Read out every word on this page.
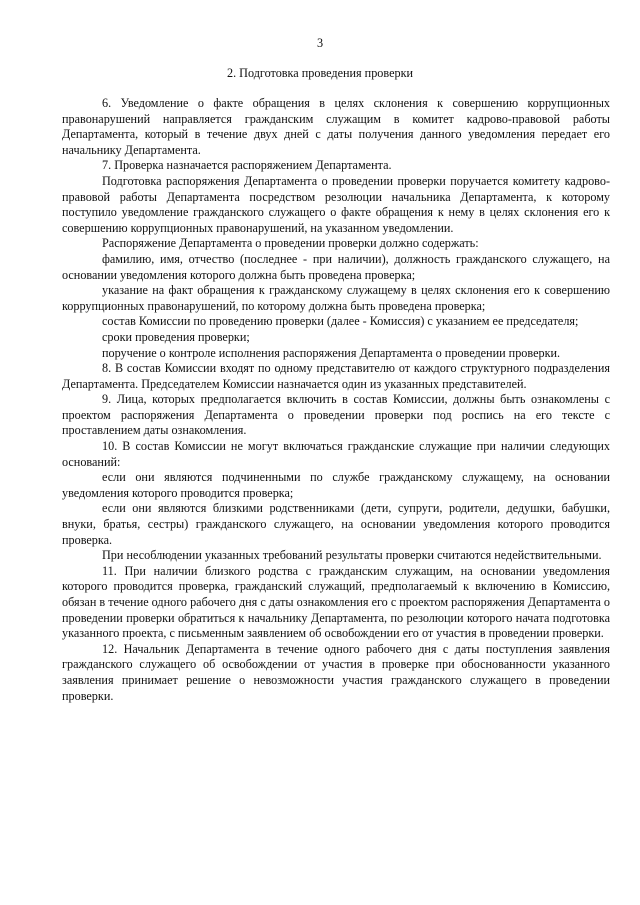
3
2. Подготовка проведения проверки

6. Уведомление о факте обращения в целях склонения к совершению коррупционных правонарушений направляется гражданским служащим в комитет кадрово-правовой работы Департамента, который в течение двух дней с даты получения данного уведомления передает его начальнику Департамента.

7. Проверка назначается распоряжением Департамента.

Подготовка распоряжения Департамента о проведении проверки поручается комитету кадрово-правовой работы Департамента посредством резолюции начальника Департамента, к которому поступило уведомление гражданского служащего о факте обращения к нему в целях склонения его к совершению коррупционных правонарушений, на указанном уведомлении.

Распоряжение Департамента о проведении проверки должно содержать:

фамилию, имя, отчество (последнее - при наличии), должность гражданского служащего, на основании уведомления которого должна быть проведена проверка;

указание на факт обращения к гражданскому служащему в целях склонения его к совершению коррупционных правонарушений, по которому должна быть проведена проверка;

состав Комиссии по проведению проверки (далее - Комиссия) с указанием ее председателя;

сроки проведения проверки;

поручение о контроле исполнения распоряжения Департамента о проведении проверки.

8. В состав Комиссии входят по одному представителю от каждого структурного подразделения Департамента. Председателем Комиссии назначается один из указанных представителей.

9. Лица, которых предполагается включить в состав Комиссии, должны быть ознакомлены с проектом распоряжения Департамента о проведении проверки под роспись на его тексте с проставлением даты ознакомления.

10. В состав Комиссии не могут включаться гражданские служащие при наличии следующих оснований:

если они являются подчиненными по службе гражданскому служащему, на основании уведомления которого проводится проверка;

если они являются близкими родственниками (дети, супруги, родители, дедушки, бабушки, внуки, братья, сестры) гражданского служащего, на основании уведомления которого проводится проверка.

При несоблюдении указанных требований результаты проверки считаются недействительными.

11. При наличии близкого родства с гражданским служащим, на основании уведомления которого проводится проверка, гражданский служащий, предполагаемый к включению в Комиссию, обязан в течение одного рабочего дня с даты ознакомления его с проектом распоряжения Департамента о проведении проверки обратиться к начальнику Департамента, по резолюции которого начата подготовка указанного проекта, с письменным заявлением об освобождении его от участия в проведении проверки.

12. Начальник Департамента в течение одного рабочего дня с даты поступления заявления гражданского служащего об освобождении от участия в проверке при обоснованности указанного заявления принимает решение о невозможности участия гражданского служащего в проведении проверки.
